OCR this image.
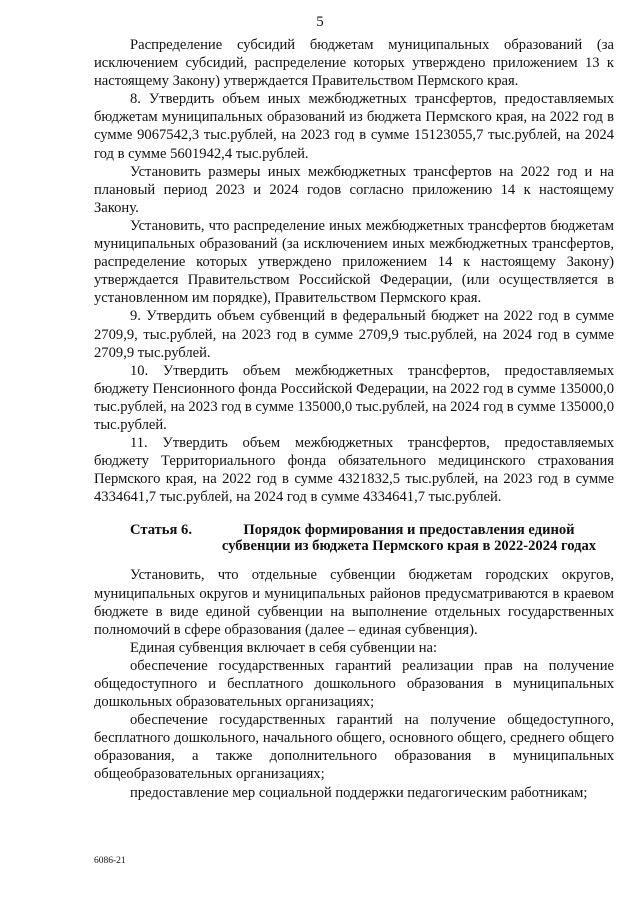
5

Распределение субсидий бюджетам муниципальных образований (за исключением субсидий, распределение которых утверждено приложением 13 к настоящему Закону) утверждается Правительством Пермского края.

8. Утвердить объем иных межбюджетных трансфертов, предоставляемых бюджетам муниципальных образований из бюджета Пермского края, на 2022 год в сумме 9067542,3 тыс.рублей, на 2023 год в сумме 15123055,7 тыс.рублей, на 2024 год в сумме 5601942,4 тыс.рублей.

Установить размеры иных межбюджетных трансфертов на 2022 год и на плановый период 2023 и 2024 годов согласно приложению 14 к настоящему Закону.

Установить, что распределение иных межбюджетных трансфертов бюджетам муниципальных образований (за исключением иных межбюджетных трансфертов, распределение которых утверждено приложением 14 к настоящему Закону) утверждается Правительством Российской Федерации, (или осуществляется в установленном им порядке), Правительством Пермского края.

9. Утвердить объем субвенций в федеральный бюджет на 2022 год в сумме 2709,9, тыс.рублей, на 2023 год в сумме 2709,9 тыс.рублей, на 2024 год в сумме 2709,9 тыс.рублей.

10. Утвердить объем межбюджетных трансфертов, предоставляемых бюджету Пенсионного фонда Российской Федерации, на 2022 год в сумме 135000,0 тыс.рублей, на 2023 год в сумме 135000,0 тыс.рублей, на 2024 год в сумме 135000,0 тыс.рублей.

11. Утвердить объем межбюджетных трансфертов, предоставляемых бюджету Территориального фонда обязательного медицинского страхования Пермского края, на 2022 год в сумме 4321832,5 тыс.рублей, на 2023 год в сумме 4334641,7 тыс.рублей, на 2024 год в сумме 4334641,7 тыс.рублей.

Статья 6.	Порядок формирования и предоставления единой
субвенции из бюджета Пермского края в 2022-2024 годах

Установить, что отдельные субвенции бюджетам городских округов, муниципальных округов и муниципальных районов предусматриваются в краевом бюджете в виде единой субвенции на выполнение отдельных государственных полномочий в сфере образования (далее – единая субвенция).

Единая субвенция включает в себя субвенции на:

обеспечение государственных гарантий реализации прав на получение общедоступного и бесплатного дошкольного образования в муниципальных дошкольных образовательных организациях;

обеспечение государственных гарантий на получение общедоступного, бесплатного дошкольного, начального общего, основного общего, среднего общего образования, а также дополнительного образования в муниципальных общеобразовательных организациях;

предоставление мер социальной поддержки педагогическим работникам;

6086-21
